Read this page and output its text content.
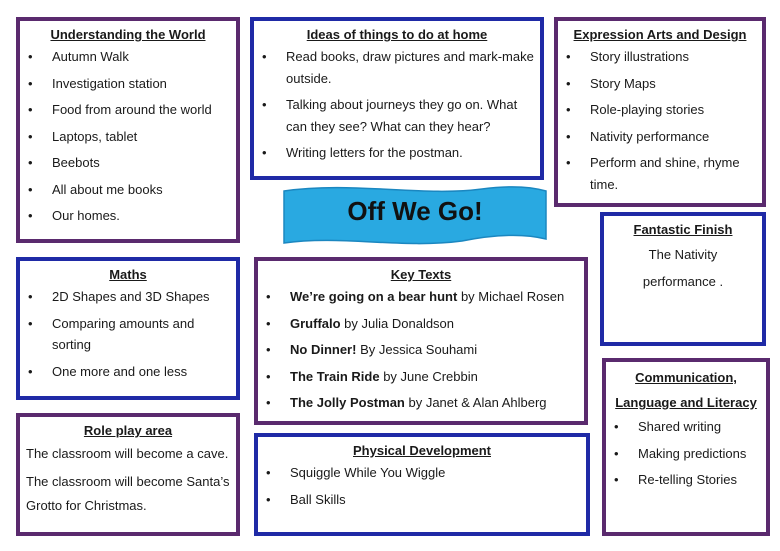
Understanding the World
• Autumn Walk
• Investigation station
• Food from around the world
• Laptops, tablet
• Beebots
• All about me books
• Our homes.
Ideas of things to do at home
• Read books, draw pictures and mark-make outside.
• Talking about journeys they go on. What can they see? What can they hear?
• Writing letters for the postman.
Expression Arts and Design
• Story illustrations
• Story Maps
• Role-playing stories
• Nativity performance
• Perform and shine, rhyme time.
Off We Go!
Fantastic Finish
The Nativity
performance .
Maths
• 2D Shapes and 3D Shapes
• Comparing amounts and sorting
• One more and one less
Key Texts
• We’re going on a bear hunt by Michael Rosen
• Gruffalo by Julia Donaldson
• No Dinner! By Jessica Souhami
• The Train Ride by June Crebbin
• The Jolly Postman by Janet & Alan Ahlberg
Communication,
Language and Literacy
• Shared writing
• Making predictions
• Re-telling Stories
Role play area
The classroom will become a cave.
The classroom will become Santa’s Grotto for Christmas.
Physical Development
• Squiggle While You Wiggle
• Ball Skills
